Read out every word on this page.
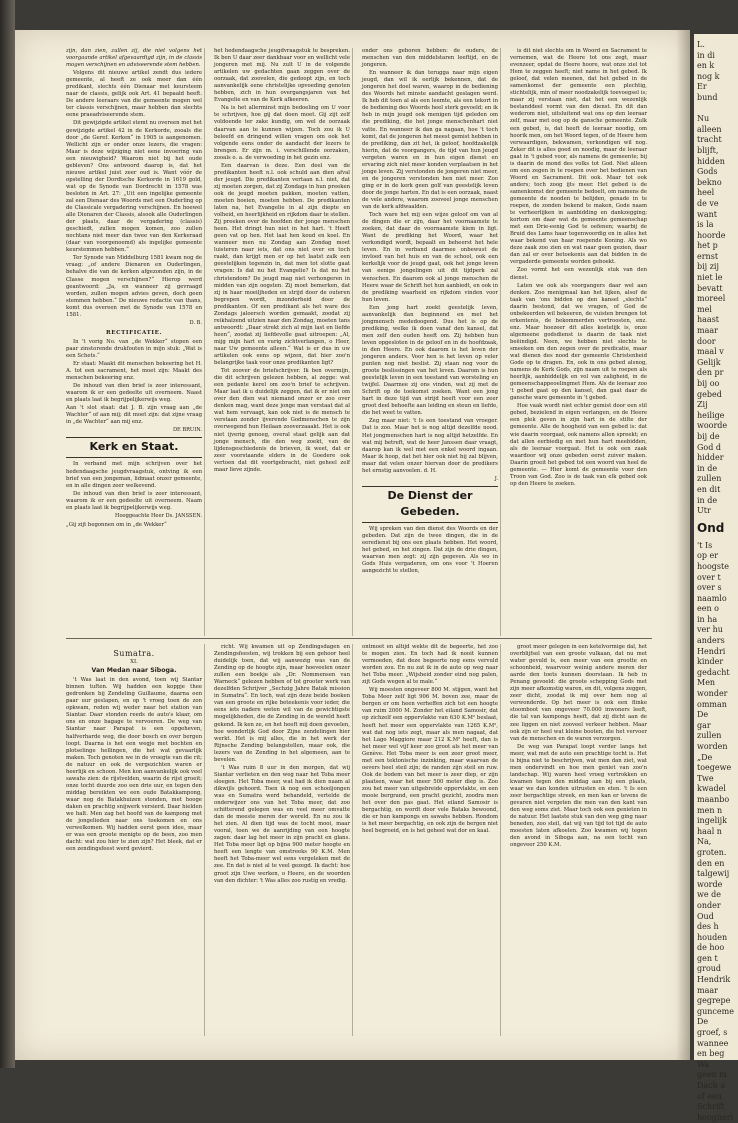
L.
in di
en k
nog k
Er
bund

Nu
alleen
tracht
blijft,
hidden
Gods
bekno
heel
de ve
want
is la
hoorde
het p
ernst
bij zij
niet le
bevatt
moreel
mel
haast
maar
door
maal v
Gelijk
den pr
bij oo
gebed
Zij
heilige
woorde
bij de
God d
hidder
in de
zullen
en dit
in de
Utr
Ond
't Is
op er
hoogste
over t
over s
naamlo
een o
in ha
ver hu
anders
Hendri
kinder
gedacht
Men
wonder
omman
De
gar
zullen
worden
„De
toegewe
Twe
kwadel
maanbo
men n
ingelijk
haal n
Na,
groten.
den en
talgewij
worde
we de
onder
Oud
des h
houden
de hoo
gen t
groud
Hendrik
maar
gegrepe
gunceme
De
groef, s
wannee
en beg
Wa
geen m
Dach a
of een
Schrift
hoogheri

zijn, dan zien, zullen zij, die niet volgens het voorgaande artikel afgevaardigd zijn, in de classis mogen verschijnen en adviseerende stem hebben.

Volgens dit nieuwe artikel zendt dus iedere gemeente, al heeft ze ook meer dan één predikant, slechts één Dienaar met keursteem naar de classis, gelijk ook Art. 41 bepaald heeft. De andere leeraars van die gemeente mogen wel ter classis verschijnen, maar hebben dan slechts eene praeadviseerende stem.

Dit gewijzigde artikel stemt nu overeen met het gewijzigde artikel 42 in de Kerkorde, zooals die door „de Geref. Kerken“ in 1905 is aangenomen. Wellicht zijn er onder onze lezers, die vragen: Maar is deze wijziging niet eene invoering van een nieuwigheid? Waarom niet bij het oude gebleven? Ons antwoord daarop is, dat het nieuwe artikel juist zeer oud is. Want vóór de opstelling der Dordtsche Kerkorde in 1619 gold, wat op de Synode van Dordrecht in 1578 was besloten in Art. 27: „Uit een ingelijke gemeente zal een Dienaar des Woords met een Ouderling op de Classicale vergadering verschijnen. En hoewel alle Dienaren der Classis, alsook alle Ouderlingen der plaats, daar de vergadering (classis) geschiedt, zullen mogen komen, zoo zullen nochtans niet meer dan twee van den Kerkeraad (daar van voorgenoemd) als ingelijke gemeente keurstemmen hebben.“

Ter Synode van Middelburg 1581 kwam nog de vraag: „of andere Dienaren en Ouderlingen, behalve die van de kerken afgezonden zijn, in de Classe mogen verschijnen?“ Hierop werd geantwoord: „Ja, en wanneer zij gevraagd worden, zullen mogen advies geven, doch geen stemmen hebben.“ De nieuwe redactie van thans, komt dus overeen met de Synode van 1578 en 1581.

D. B.
RECTIFICATIE.

In 't vorig No. van „de Wekker“ stopen een paar zinstorende drukfouten in mijn stuk: „Wat is een Schets.“

Er staat: Maakt dit menschen bekeering het H. A. tot een sacrament, het moet zijn: Maakt des menschen bekeering enz.

De inhoud van dien brief is zeer interessant, waarom ik er een gedeelte uit overneem. Naast en plaats laat ik begrijpelijkerwijs weg.

Aan 't slot staat: dat J. B. zijn vraag aan „de Wachter“ of aan mij; dit moet zijn: dat zijne vraag in „de Wachter“ aan mij enz.

DE BRUIN.
Kerk en Staat.

In verband met mijn schrijven over het hedendaagsche jeugdvraagstuk, ontving ik een brief van een jongeman, lidmaat onzer gemeente, en in alle dingen zeer welkevend.

De inhoud van dien brief is zeer interessant, waarom ik er een gedeelte uit overneem. Naam en plaats laat ik begrijpelijkerwijs weg.

Hooggeachte Heer Ds. JANSSEN.

„Gij zijt begonnen om in „de Wekker“

het hedendaagsche jeugdvraagstuk te bespreken. Ik ben U daar zeer dankbaar voor en wellicht vele jongeren met mij. Nu zult U in de volgende artikelen uw gedachten gaan zeggen over de oorzaak, dat zoovelen, die gedoopt zijn, en toch aanvankelijk eene christelijke opvoeding genoten hebben, zich in hun overgangsjaren van het Evangelie en van de Kerk afkeeren.

Na is het allerminst mijn bedoeling om U voor te schrijven, hoe gij dat doen moet. Gij zijt zelf voldoende ter zake kundig, om wel de oorzaak daarvan aan te kunnen wijzen. Toch zou ik U beleefd en dringend willen vragen om ook het volgende eens onder de aandacht der lezers te brengen. Er zijn m. i. verschillende oorzaken, zooals o. a. de verwoeding in het gezin enz.

Een daarvan is deze. Een deel van de predikanten heeft n.l. ook schuld aan dien afval der jeugd. Die predikanten vertaan n.l. niet, dat zij moeten zorgen, dat zij Zondags in hun preeken ook de jeugd moeten pakken, moeten vatten, moeten boeien, moeten hebben. De predikanten laten na, het Evangelie in al zijn diepte en volheid, en heerlijkheid en rijkdom daar te stellen. Zij preeken over de hoofden der jonge menschen heen. Het dringt hun niet in het hart. 't Heeft geen vat op hen. Het laat hen koud en koel. En wanneer men nu Zondag aan Zondag moet luisteren naar iets, dat ons niet over en toch raakt, dan krijgt men er op het laatst zalk een geestelijken tegenzin in, dat men tot slotte gaat vragen: Is dat nu het Evangelie? Is dat nu het christendom? De jeugd mag niet verhongeren in midden van zijn oogsten. Zij moet bemerken, dat zij in haar moeiljheden en strijd door de outeren begrepen wordt, inzonderheid door de predikanten. Of een predikant als het ware des Zondags jaloersch worden gemaakt, zoodat zij reikhalzend uitzien naar den Zondag, moeten tans antwoordt: „Daar strekt zich al mijn last en liefde heen“, zoodat zij liefdevolle gaat uitroepen: „Al, mijg mijn hart en vurig zichtverlangen, o Heer, naar Uw gemeente alleen.“ Wat is er dus in uw artikelen ook eens op wijzen, dat hier zoo'n belangrijke taak voor onze predikanten ligt?

Tot zoover de briefschrijver. Ik ben overmijn, die dit schrijven gelezen hebben, al zegge: wat een pedante kerel om zoo'n brief te schrijven. Maar laat ik u duidelijk zeggen, dat ik er niet om over den dien wat niemand onzer er zoo over denken mag, want deze jonge man verstaat dat al wat hem vervaagt, kan ook niet is de mensch te verstaan zonder ijverende Godmenschen te zijn overwegend hun Heilaan zooverzaaakt. Het is ook niet ijverig genoeg, overal staat gelijk aan dat jonge mensch, die den weg zoekt, van de lijdensgeschiedenis de brieven, ik weet, dat er zeer voorstaande elders in de Goedere ook vertoen dat dit voortgebracht, niet geheel zelf maar lieve zijnde.

onder ons geboren hebben: de ouders, de menschen van den middelstaren leeftijd, en de jongeren.

En wanneer ik dan terugga naar mijn eigen jeugd, dan wil ik eerlijk bekennen, dat de jongeren het doel waren, waarop in de bediening des Woords het minste aandacht geslagen werd. Ik heb dit toen al als een leemte, als een tekort in de bediening des Woords heel sterk gevoeld; en ik heb in mijn jeugd ook menigen tijd geleden om die prediking, die het jonge menschenhart niet vatte. En wanneer ik dan ga nagaan, hoe 't toch komt, dat de jongeren het meest gemist hebben in de prediking, dan zit het, ik geloof, hoofdzakelijk hierin, dat de voorgangers, de tijd van hun jeugd vergeten waren en in hun eigen dienst en ervaring zich niet meer konden verplaatsen in het jonge leven. Zij verstonden de jongeren niet meer, en de jongeren verstonden hen niet meer. Zoo ging er in de kerk geen golf van geestelijk leven door de jonge harten. En dat is een oorzaak, naast de vele andere, waarom zooveel jonge menschen van de kerk afdwaalden.

Toch ware het mij een wijze geloof om van al de dingen die er zijn, daar het voornaamste te zoeken, dat daar de voornaamste kiem in ligt. Want de prediking het Woord, waar het verkondigd wordt, bepaalt en beheerst het hele leven. En in verband daarmee onbewust de invloed van het huis en van de school, ook een kerkelijk voor de jeugd gaat, ook het jonge leven van eenige jongelingen uit dit tijdperk zal wenschen. En daarom ook al jonge menschen de Heere waar de Schrift het hun aanbiedt, en ook in de prediking waarheid en rijkdom vinden voor hun leven.

Een jong hart zoekt geestelijk leven, aanvankelijk dan beginnend en met het jongmensch mededoogend. Dus het is op de prediking, welke ik doen vanaf den kansel, dat men zelf den ouden heeft om. Zij hebben hun leven opgesloten in de geloof en in de hoofdzaak, in den Heere. En ook daarom is het leven der jongeren anders. Voor hen is het leven op veler punten nog niet beslist. Zij staan nog voor de groote beslissingen van het leven. Daarom is hun geestelijk leven in een toestand van worsteling en twijfel. Daarmee zij ons vinden, wat zij met de Schrift op de toekomst zoeken. Want een jong hart in deze tijd van strijd heeft voor een zeer groot deel behoefte aan leiding en steun en liefde, die het weet te vatten.

Zeg maar niet: 't Is een toestand van vroeger. Dat is zoo. Maar het is nog altijd dezelfde nood. Het jongmenschen hart is nog altijd hetzelfde. En wat mij betreft, wat de heer Janssen daar vraagt, daarop kan ik wel met een enkel woord ingaan. Maar ik hoop, dat het hier ook niet bij zal blijven, maar dat velen onzer hiervan door de predikers het ernstig aanvoelen. d. H.

J.
De Dienst der Gebeden.

Wij spreken van den dienst des Woords en der gebeden. Dat zijn de twee dingen, die in de eeredienst bij ons een plaats hebben. Het woord, het gebed, en het zingen. Dat zijn de drie dingen, waarvan men zegt: zij zijn gegeven. Als wo in Gods Huis vergaderen, om ons voor 't Hoeren aangezicht te stellen,

is dit niet slechts om in Woord en Sacrament te vernemen, wat de Heere tot ons zegt, maar evenzeer, opdat de Heere hoore, wat onze ziel tot Hem te zeggen heeft; niet name in het gebed. Ik geloof, dat velen meenen, dat het gebed in de samenkomst der gemeente een plechtig, stichtelijk, min of meer noodzakelijk toevoegsel is; maar zij verstaan niet, dat het een wezenlijk bestanddeel vormt van den dienst. En dit dan wederom niet, uitsluitend wat ons op den leeraar zelf, maar met oog op de gansche gemeente. Zulk een gebed, is, dat heeft de leeraar noodig, om hoorik men, om het Woord tegen, of de Heere hem verwaardigen, bekwamen, verkondigen wil nog. Zeker dit is alles goed en noodig, maar de leeraar gaat in 't gebed voor, als namens de gemeente; bij is daarin de mond des volks tot God. Niet alleen om een zegen in te roepen over het bedienen van Woord en Sacrament. Dit ook. Maar tot ook anders; toch zoog ijts meer. Het gebed is de samenkomst der gemeente bedoelt, om namens de gemeente de nooden te belijden, genade in te roepen, de zonden bekend te maken, Gode naam te verheerlijken in aanbidding en dankzegging; kortom om daar wat de gemeente gemeenschap met een Drie-eenig God te oefenen; waarbij de Bruid des Lams haar tegenwoordig en in alles het waar bekend van haar roepende Koning. Als wo deze zaak zoo zien en wat naar geen gezien, daar dan zal er over betoekenis aan dat bidden in de vergaderde gemeente worden geboekt.

Zoo vormt het een wezenlijk stuk van den dienst.

Laten we ook als voorgangers daar wel aan denken. Zoo menigmaal kan het lijken, alsof de taak van 'ons bidden op den kansel „slechts“ daarin bestond, dat we vragen, of God de onbekeerden wil bekeeren, de vuisten brengen tot erkentenis, de bekommerden vertroosten, enz. enz. Maar hoezeer dit alles kostelijk is, onze algemeene godsdienst is daarin de taak niet beëindigd. Neen, we hebben niet slechts te smeeken om den zegen over de predicatie, maar wat dienen des nood der gemeente Christenheid Gode op te dragen. En, ook in ons gebed alsnog, namens de Kerk Gods, zijn naam uit te roepen als heerlijk, aanbiddelijk en vol van zaligheid, in de gemeenschappeoelingmet Hem. Als de leeraar zoo 't gebed gaat op den kansel, dan gaat daar de gansche ware gemeente in 't gebed.

Hoe vaak wordt niet echter gemist door een stil gebed, bezielend in eigen verlangen, en de Heere een plek geven in zijn hart in de stilte der gemeente. Alle de hoogheid van een gebed is: dat wie daarin voorgaat, ook namens allen spreekt; en dat allen eerbiedig en met hun hart meebidden, als de leeraar voorgaat. Het is ook een zaak waardoor wij onze gebeden eerst zuiver maken. Daarin groeit het gebed tot een woord van heel de gemeente. — Hier komt de gemeente voor den Troon van God. Zoo is de taak van elk gebed ook op den Heere te zoeken.

Sumatra.
XI.
Van Medan naar Siboga.

't Was laat in den avond, toen wij Siantar binnen tuften. Wij hadden een koppje thee gedronken bij Zendeling Guillaume, daarna een paar uur geslapen, en op 't vroeg toen de zon opkwam, reden wij weder naar het station van Siantar. Daar stonden reeds de auto's klaar, om ons en onze bagage te vervoeren. De weg van Siantar naar Parapat is een opgeheven, halfverharde weg, die door bosch en over bergen loopt. Daarna is het een wegje met bochten en plotselinge hellingen, die het wat gevaarlijk maken. Toch genoten we in de vroegte van die rit; de natuur en ook de vergezichten waren er heerlijk en schoon. Men kon aanvankelijk ook veel sawahs zien: de rijstvelden, waarin de rijst groeit; onze tocht duurde zoo een drie uur, en tegen den middag bereikten we een oude Batakkampong, waar nog de Batakhuizen stonden, met hooge daken en prachtig snijwerk versierd. Daar hielden we halt. Men zag het hoofd van de kampong met de jongelieden naar ons toekomen en ons verwelkomen. Wij hadden eerst geen idee, maar er was een groote menigte op de been, zoo men dacht: wat zou hier te zien zijn? Het bleek, dat er een zendingsfeest werd gevierd.

richt. Wij kwamen uit op Zendingsdagen en Zendingsfeesten, wij trokken bij een gehoor heel duidelijk toen, dat wij aanwezig was van de Zending op de hoogte zijn, maar hoeveelen onzer zullen een boekje als „Dr. Nommensen van Warneck“ gelezen hebben of tot grooter werk van dezelfden Schrijver „Sechzig Jahre Batak mission in Sumatra“. En toch, wat zijn deze beide boeken van een groote en rijke beteekenis voor ieder, die eens iets nadere weten wil van de gewichtigste mogelijkheden, die de Zending in de wereld heeft gekend. Ik ken ze, en het heeft mij doen gevoelen, hoe wonderlijk God door Zijne zendelingen hier werkt. Het is mij alles, die in het werk der Rijnsche Zending belangstellen, maar ook, die lezers van de Zending in het algemeen, aan te bevelen.

't Was ruim 8 uur in den morgen, dat wij Siantar verlieten en den weg naar het Toba meer sloegen. Het Toba meer, wat had ik dien naam al dikwijls gehoord. Toen ik nog een schooljongen was en Sumatra werd behandeld, vertelde de onderwijzer ons van het Toba meer, dat zoo schitterend gelegen was en veel meer omvatte dan de meeste meren der wereld. En nu zou ik het zien. Al dien tijd was de tocht mooi, maar vooral, toen we de aanrijding van een hoogte zagen: daar lag het meer in zijn pracht en glans. Het Toba meer ligt op bijna 900 meter hoogte en heeft een lengte van omstreeks 90 K.M. Men heeft het Toba-meer wel eens vergeleken met de zee. En dat is niet al te veel gezegd. Ik dacht: hoe groot zijn Uwe werken, o Heere, en de woorden van den dichter: 't Was alles zoo rustig en vredig.

ontmoet en altijd wekte dit de begeerte, het zoo te mogen zien. En toch had ik nooit kunnen vermoeden, dat deze begeerte nog eens vervuld worden zou. En nu zat ik in de auto op weg naar het Toba meer. „Wijsheid zonder eind nog palen, zijt Gods wegen al te male.“

Wij moesten ongeveer 800 M. stijgen, want het Toba Meer zelf ligt 906 M. boven zee, maar de bergen er om heen verheffen zich tot een hoogte van ruim 2000 M. Zonder het eiland Samosir, dat op zichzelf een oppervlakte van 630 K.M² beslaat, heeft het meer een oppervlakte van 1265 K.M², wat dat nog iets zegt, maar als men nagaat, dat het Lago Maggiore maar 212 K.M² heeft, dan is het meer wel vijf keer zoo groot als het meer van Genève. Het Toba meer is een zeer groot meer, met een tektonische inzinking, maar waarvan de oevers heel steil zijn; de randen zijn steil en ruw. Ook de bodem van het meer is zeer diep, er zijn plaatsen, waar het meer 500 meter diep is. Zoo zou het meer van uitgebreide oppervlakte, en een mooie bergrand, een pracht gezicht, zoodra men het over den pas gaat. Het eiland Samosir is bergachtig, en wordt door vele Bataks bewoond, die er hun kampongs en sawahs hebben. Rondom is het meer bergachtig, en ook zijn de bergen niet heel begroeid, en is het geheel wat dor en kaal.

groot meer gelegen in een ketelvormige dal, het overblijfsel van een groote vulkaan, dat nu met water gevuld is, een meer van een grootte en schoonheid, waarvoor weinig andere meren der aarde den toets kunnen doorstaan. Ik heb in Penang gevoeld: die groote schepping Gods met zijn meer afkomstig waren, en dit, volgens zeggen, zeer dicht, zoodat ik mij over hem nog al verwonderde. Op het meer is ook een flinke stoomboot van ongeveer 70.000 inwoners leeft, die tal van kampongs heeft, dat zij dicht aan de zee liggen en niet zooveel verkeer hebben. Maar ook zijn er heel wat kleine booten, die het vervoer van de menschen en de waren verzorgen.

De weg van Parapat loopt verder langs het meer, wat met de auto een prachtige tocht is. Het is bijna niet te beschrijven, wat men dan ziet, wat men ondervindt en hoe men geniet van zoo'n landschap. Wij waren heel vroeg vertrokken en kwamen tegen den middag aan bij een plaats, waar we dan konden uitrusten en eten. 't Is een zeer bergachtige streek, en men kan er tevens de gevaren niet vergeten die men van den kant van den weg soms ziet. Maar toch ook een genieten in de natuur. Het laatste stuk van den weg ging naar beneden, zoo steil, dat wij van tijd tot tijd de auto moesten laten afkoelen. Zoo kwamen wij tegen den avond in Siboga aan, na een tocht van ongeveer 250 K.M.
